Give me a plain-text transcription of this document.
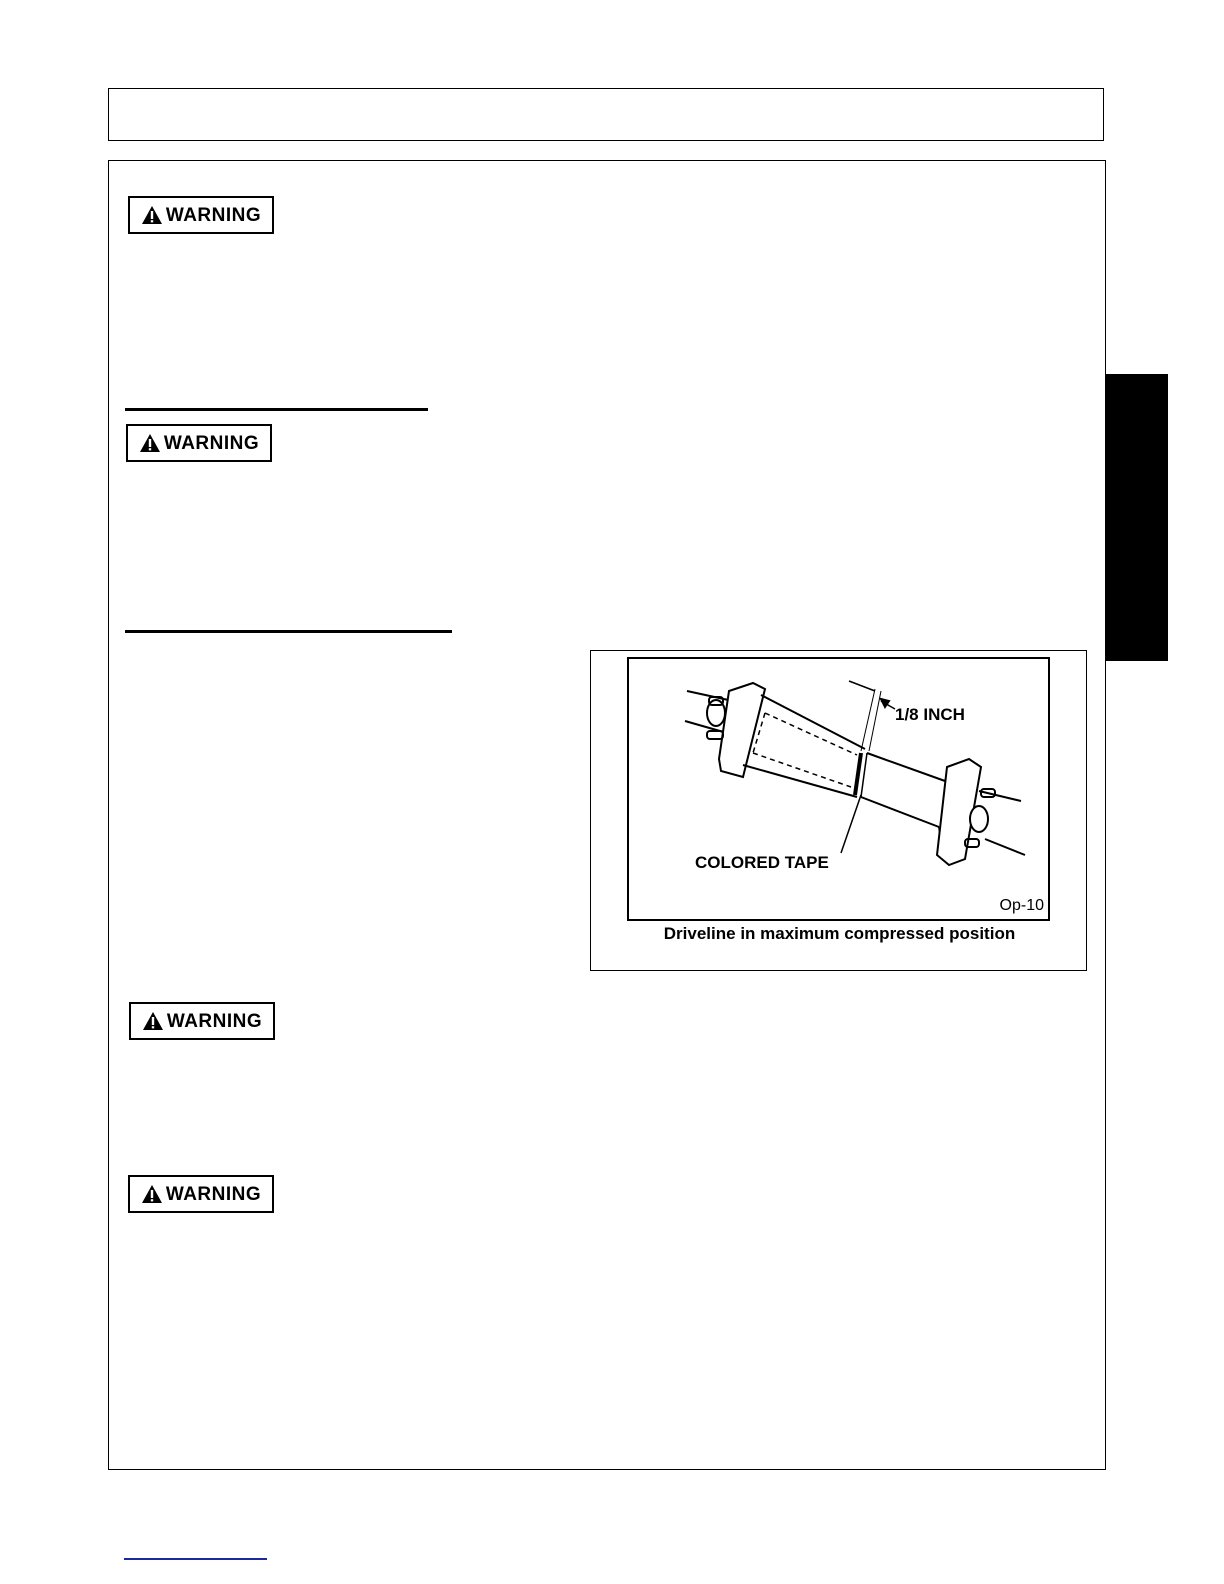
WARNING
WARNING
1/8 INCH
COLORED TAPE
Op-10
Driveline in maximum compressed position
WARNING
WARNING
